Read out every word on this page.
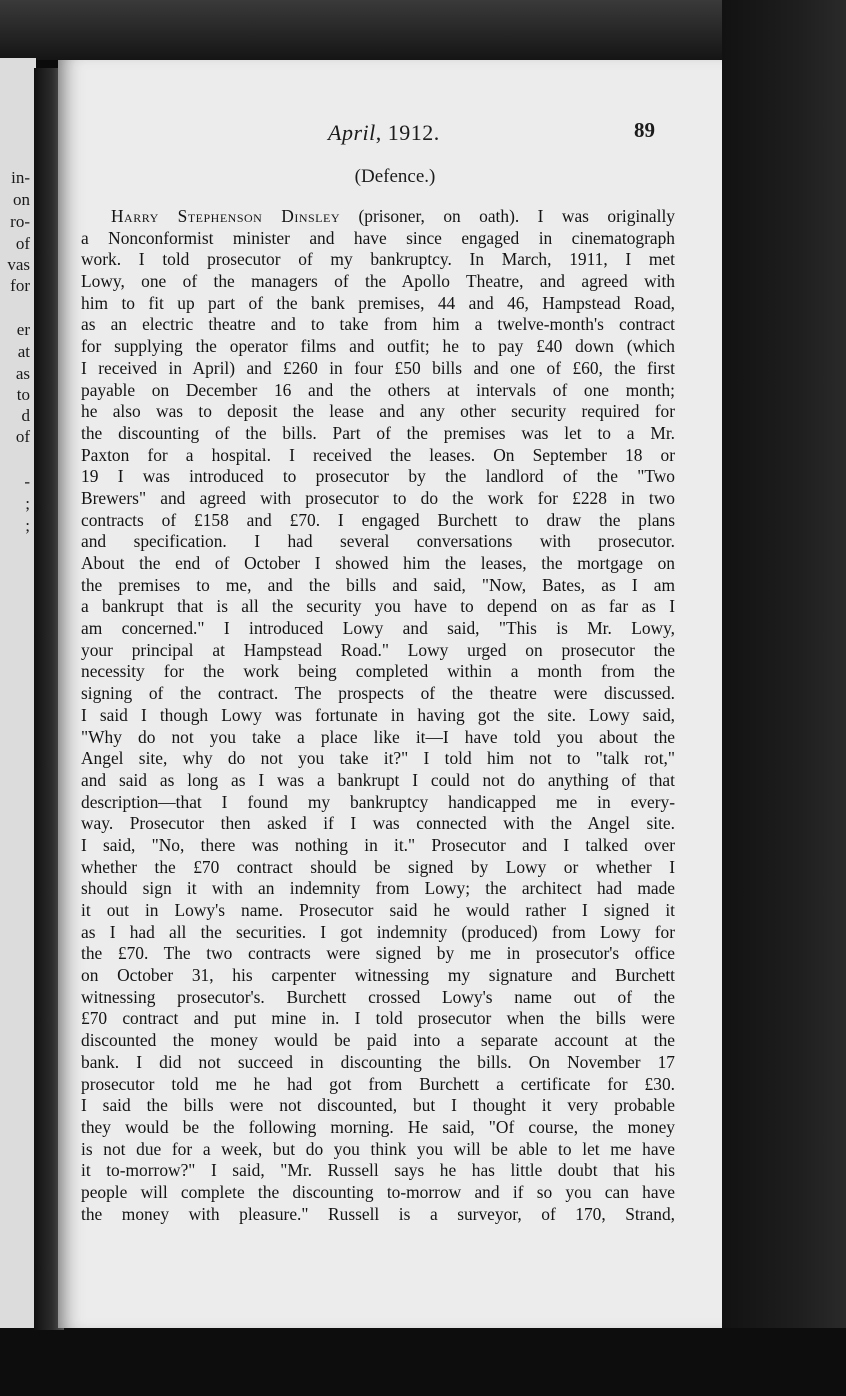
in-
on
ro-
of
vas
for
er
at
as
to
d
of
-
;
;
April, 1912.	89
(Defence.)
Harry Stephenson Dinsley (prisoner, on oath). I was originally
a Nonconformist minister and have since engaged in cinematograph
work. I told prosecutor of my bankruptcy. In March, 1911, I met
Lowy, one of the managers of the Apollo Theatre, and agreed with
him to fit up part of the bank premises, 44 and 46, Hampstead Road,
as an electric theatre and to take from him a twelve-month's contract
for supplying the operator films and outfit; he to pay £40 down (which
I received in April) and £260 in four £50 bills and one of £60, the first
payable on December 16 and the others at intervals of one month;
he also was to deposit the lease and any other security required for
the discounting of the bills. Part of the premises was let to a Mr.
Paxton for a hospital. I received the leases. On September 18 or
19 I was introduced to prosecutor by the landlord of the "Two
Brewers" and agreed with prosecutor to do the work for £228 in two
contracts of £158 and £70. I engaged Burchett to draw the plans
and specification. I had several conversations with prosecutor.
About the end of October I showed him the leases, the mortgage on
the premises to me, and the bills and said, "Now, Bates, as I am
a bankrupt that is all the security you have to depend on as far as I
am concerned." I introduced Lowy and said, "This is Mr. Lowy,
your principal at Hampstead Road." Lowy urged on prosecutor the
necessity for the work being completed within a month from the
signing of the contract. The prospects of the theatre were discussed.
I said I though Lowy was fortunate in having got the site. Lowy said,
"Why do not you take a place like it—I have told you about the
Angel site, why do not you take it?" I told him not to "talk rot,"
and said as long as I was a bankrupt I could not do anything of that
description—that I found my bankruptcy handicapped me in every-
way. Prosecutor then asked if I was connected with the Angel site.
I said, "No, there was nothing in it." Prosecutor and I talked over
whether the £70 contract should be signed by Lowy or whether I
should sign it with an indemnity from Lowy; the architect had made
it out in Lowy's name. Prosecutor said he would rather I signed it
as I had all the securities. I got indemnity (produced) from Lowy for
the £70. The two contracts were signed by me in prosecutor's office
on October 31, his carpenter witnessing my signature and Burchett
witnessing prosecutor's. Burchett crossed Lowy's name out of the
£70 contract and put mine in. I told prosecutor when the bills were
discounted the money would be paid into a separate account at the
bank. I did not succeed in discounting the bills. On November 17
prosecutor told me he had got from Burchett a certificate for £30.
I said the bills were not discounted, but I thought it very probable
they would be the following morning. He said, "Of course, the money
is not due for a week, but do you think you will be able to let me have
it to-morrow?" I said, "Mr. Russell says he has little doubt that his
people will complete the discounting to-morrow and if so you can have
the money with pleasure." Russell is a surveyor, of 170, Strand,
